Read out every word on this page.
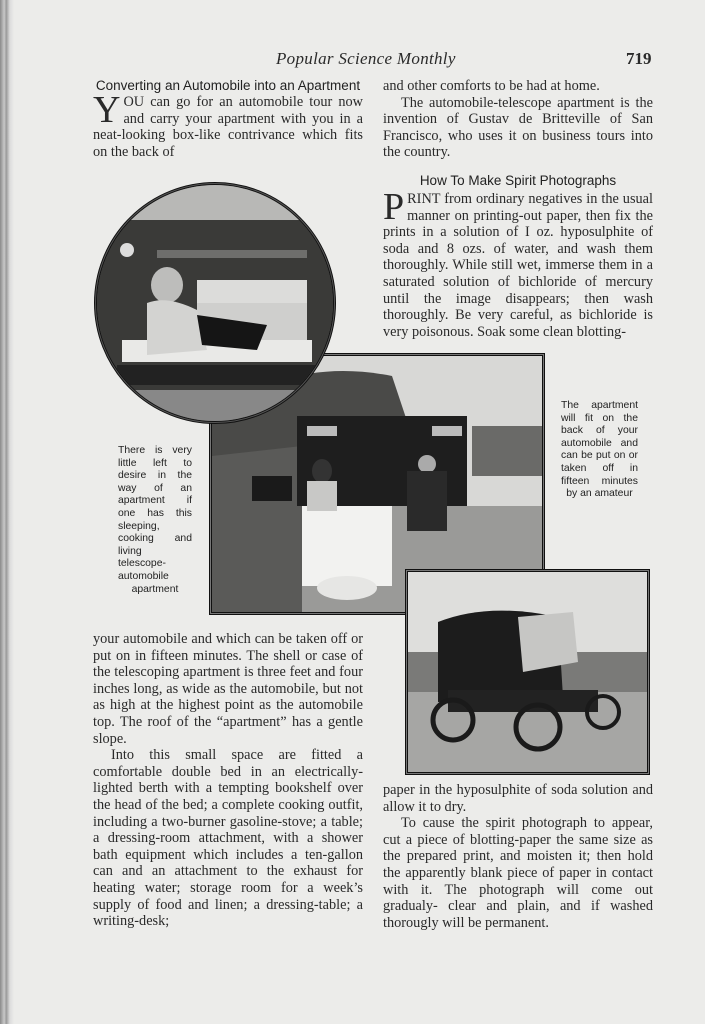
Popular Science Monthly	719
Converting an Automobile into an Apartment

YOU can go for an automobile tour now and carry your apartment with you in a neat-looking box-like contrivance which fits on the back of

and other comforts to be had at home.

The automobile-telescope apartment is the invention of Gustav de Britteville of San Francisco, who uses it on business tours into the country.

How To Make Spirit Photographs

PRINT from ordinary negatives in the usual manner on printing-out paper, then fix the prints in a solution of I oz. hyposulphite of soda and 8 ozs. of water, and wash them thoroughly. While still wet, immerse them in a saturated solution of bichloride of mercury until the image disappears; then wash thoroughly. Be very careful, as bichloride is very poisonous. Soak some clean blotting-

There is very little left to desire in the way of an apartment if one has this sleeping, cooking and living telescope-automobile apartment
The apartment will fit on the back of your automobile and can be put on or taken off in fifteen minutes by an amateur

your automobile and which can be taken off or put on in fifteen minutes. The shell or case of the telescoping apartment is three feet and four inches long, as wide as the automobile, but not as high at the highest point as the automobile top. The roof of the “apartment” has a gentle slope.

Into this small space are fitted a comfortable double bed in an electrically-lighted berth with a tempting bookshelf over the head of the bed; a complete cooking outfit, including a two-burner gasoline-stove; a table; a dressing-room attachment, with a shower bath equipment which includes a ten-gallon can and an attachment to the exhaust for heating water; storage room for a week’s supply of food and linen; a dressing-table; a writing-desk;

paper in the hyposulphite of soda solution and allow it to dry.

To cause the spirit photograph to appear, cut a piece of blotting-paper the same size as the prepared print, and moisten it; then hold the apparently blank piece of paper in contact with it. The photograph will come out gradualy- clear and plain, and if washed thorougly will be permanent.
